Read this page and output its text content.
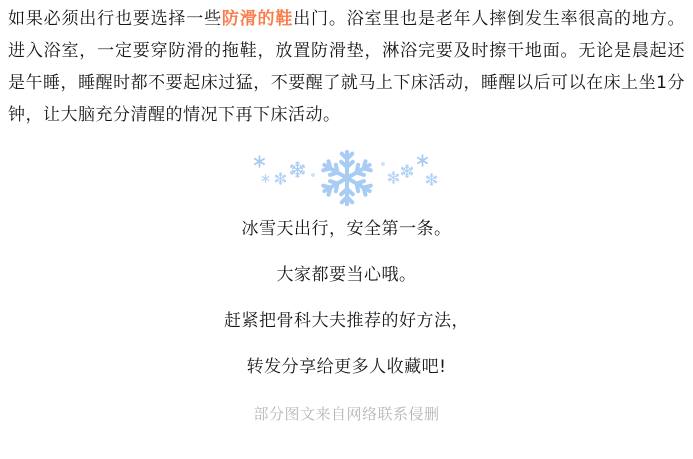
如果必须出行也要选择一些防滑的鞋出门。浴室里也是老年人摔倒发生率很高的地方。进入浴室，一定要穿防滑的拖鞋，放置防滑垫，淋浴完要及时擦干地面。无论是晨起还是午睡，睡醒时都不要起床过猛，不要醒了就马上下床活动，睡醒以后可以在床上坐1分钟，让大脑充分清醒的情况下再下床活动。

冰雪天出行，安全第一条。

大家都要当心哦。

赶紧把骨科大夫推荐的好方法，

转发分享给更多人收藏吧!

部分图文来自网络联系侵删
